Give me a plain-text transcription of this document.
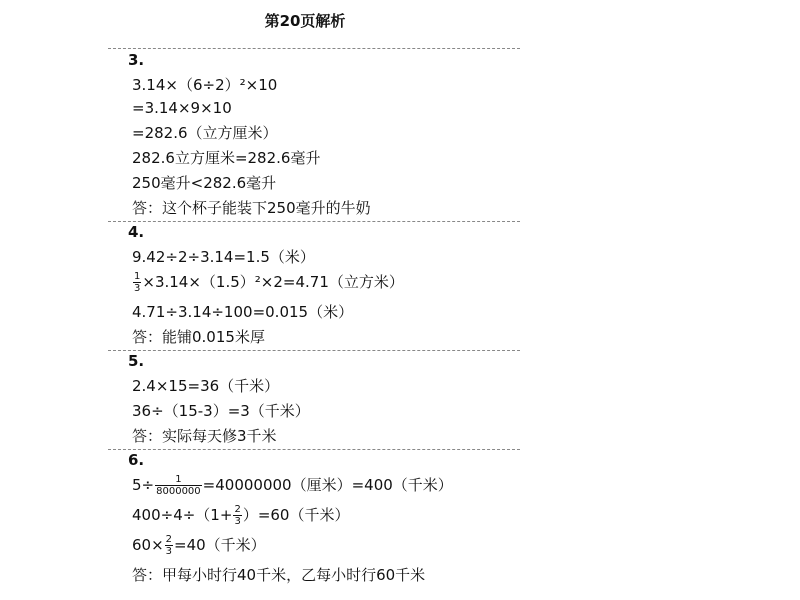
第20页解析
3.
3.14×（6÷2）²×10
=3.14×9×10
=282.6（立方厘米）
282.6立方厘米=282.6毫升
250毫升<282.6毫升
答：这个杯子能装下250毫升的牛奶
4.
9.42÷2÷3.14=1.5（米）
$\frac{1}{3} \times 3.14\times(1.5)^2\times 2=4.71$（立方米）
4.71÷3.14÷100=0.015（米）
答：能铺0.015米厚
5.
2.4×15=36（千米）
36÷（15-3）=3（千米）
答：实际每天修3千米
6.
$5\div \frac{1}{8000000} =40000000$（厘米）=400（千米）
$400\div 4\div(1+ \frac{2}{3} )=60$（千米）
$60\times \frac{2}{3} =40$（千米）
答：甲每小时行40千米，乙每小时行60千米
